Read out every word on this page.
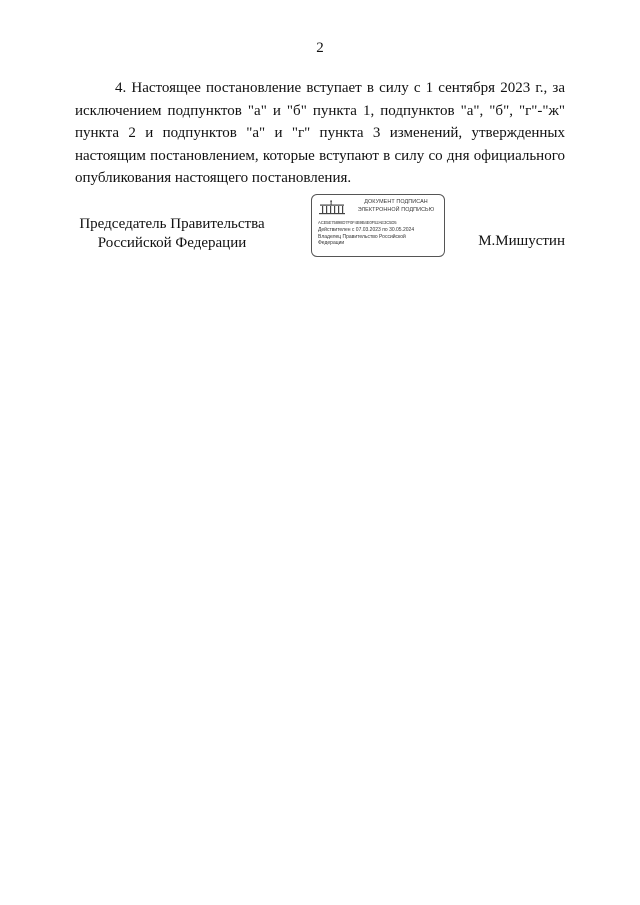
2

4. Настоящее постановление вступает в силу с 1 сентября 2023 г., за исключением подпунктов "а" и "б" пункта 1, подпунктов "а", "б", "г"-"ж" пункта 2 и подпунктов "а" и "г" пункта 3 изменений, утвержденных настоящим постановлением, которые вступают в силу со дня официального опубликования настоящего постановления.

Председатель Правительства
Российской Федерации
ДОКУМЕНТ ПОДПИСАН
ЭЛЕКТРОННОЙ ПОДПИСЬЮ
ACE5E75898D7F0F4B9B4E0F52AE3C5D5
Действителен с 07.03.2023 по 30.05.2024
Владелец Правительство Российской
Федерации	М.Мишустин
